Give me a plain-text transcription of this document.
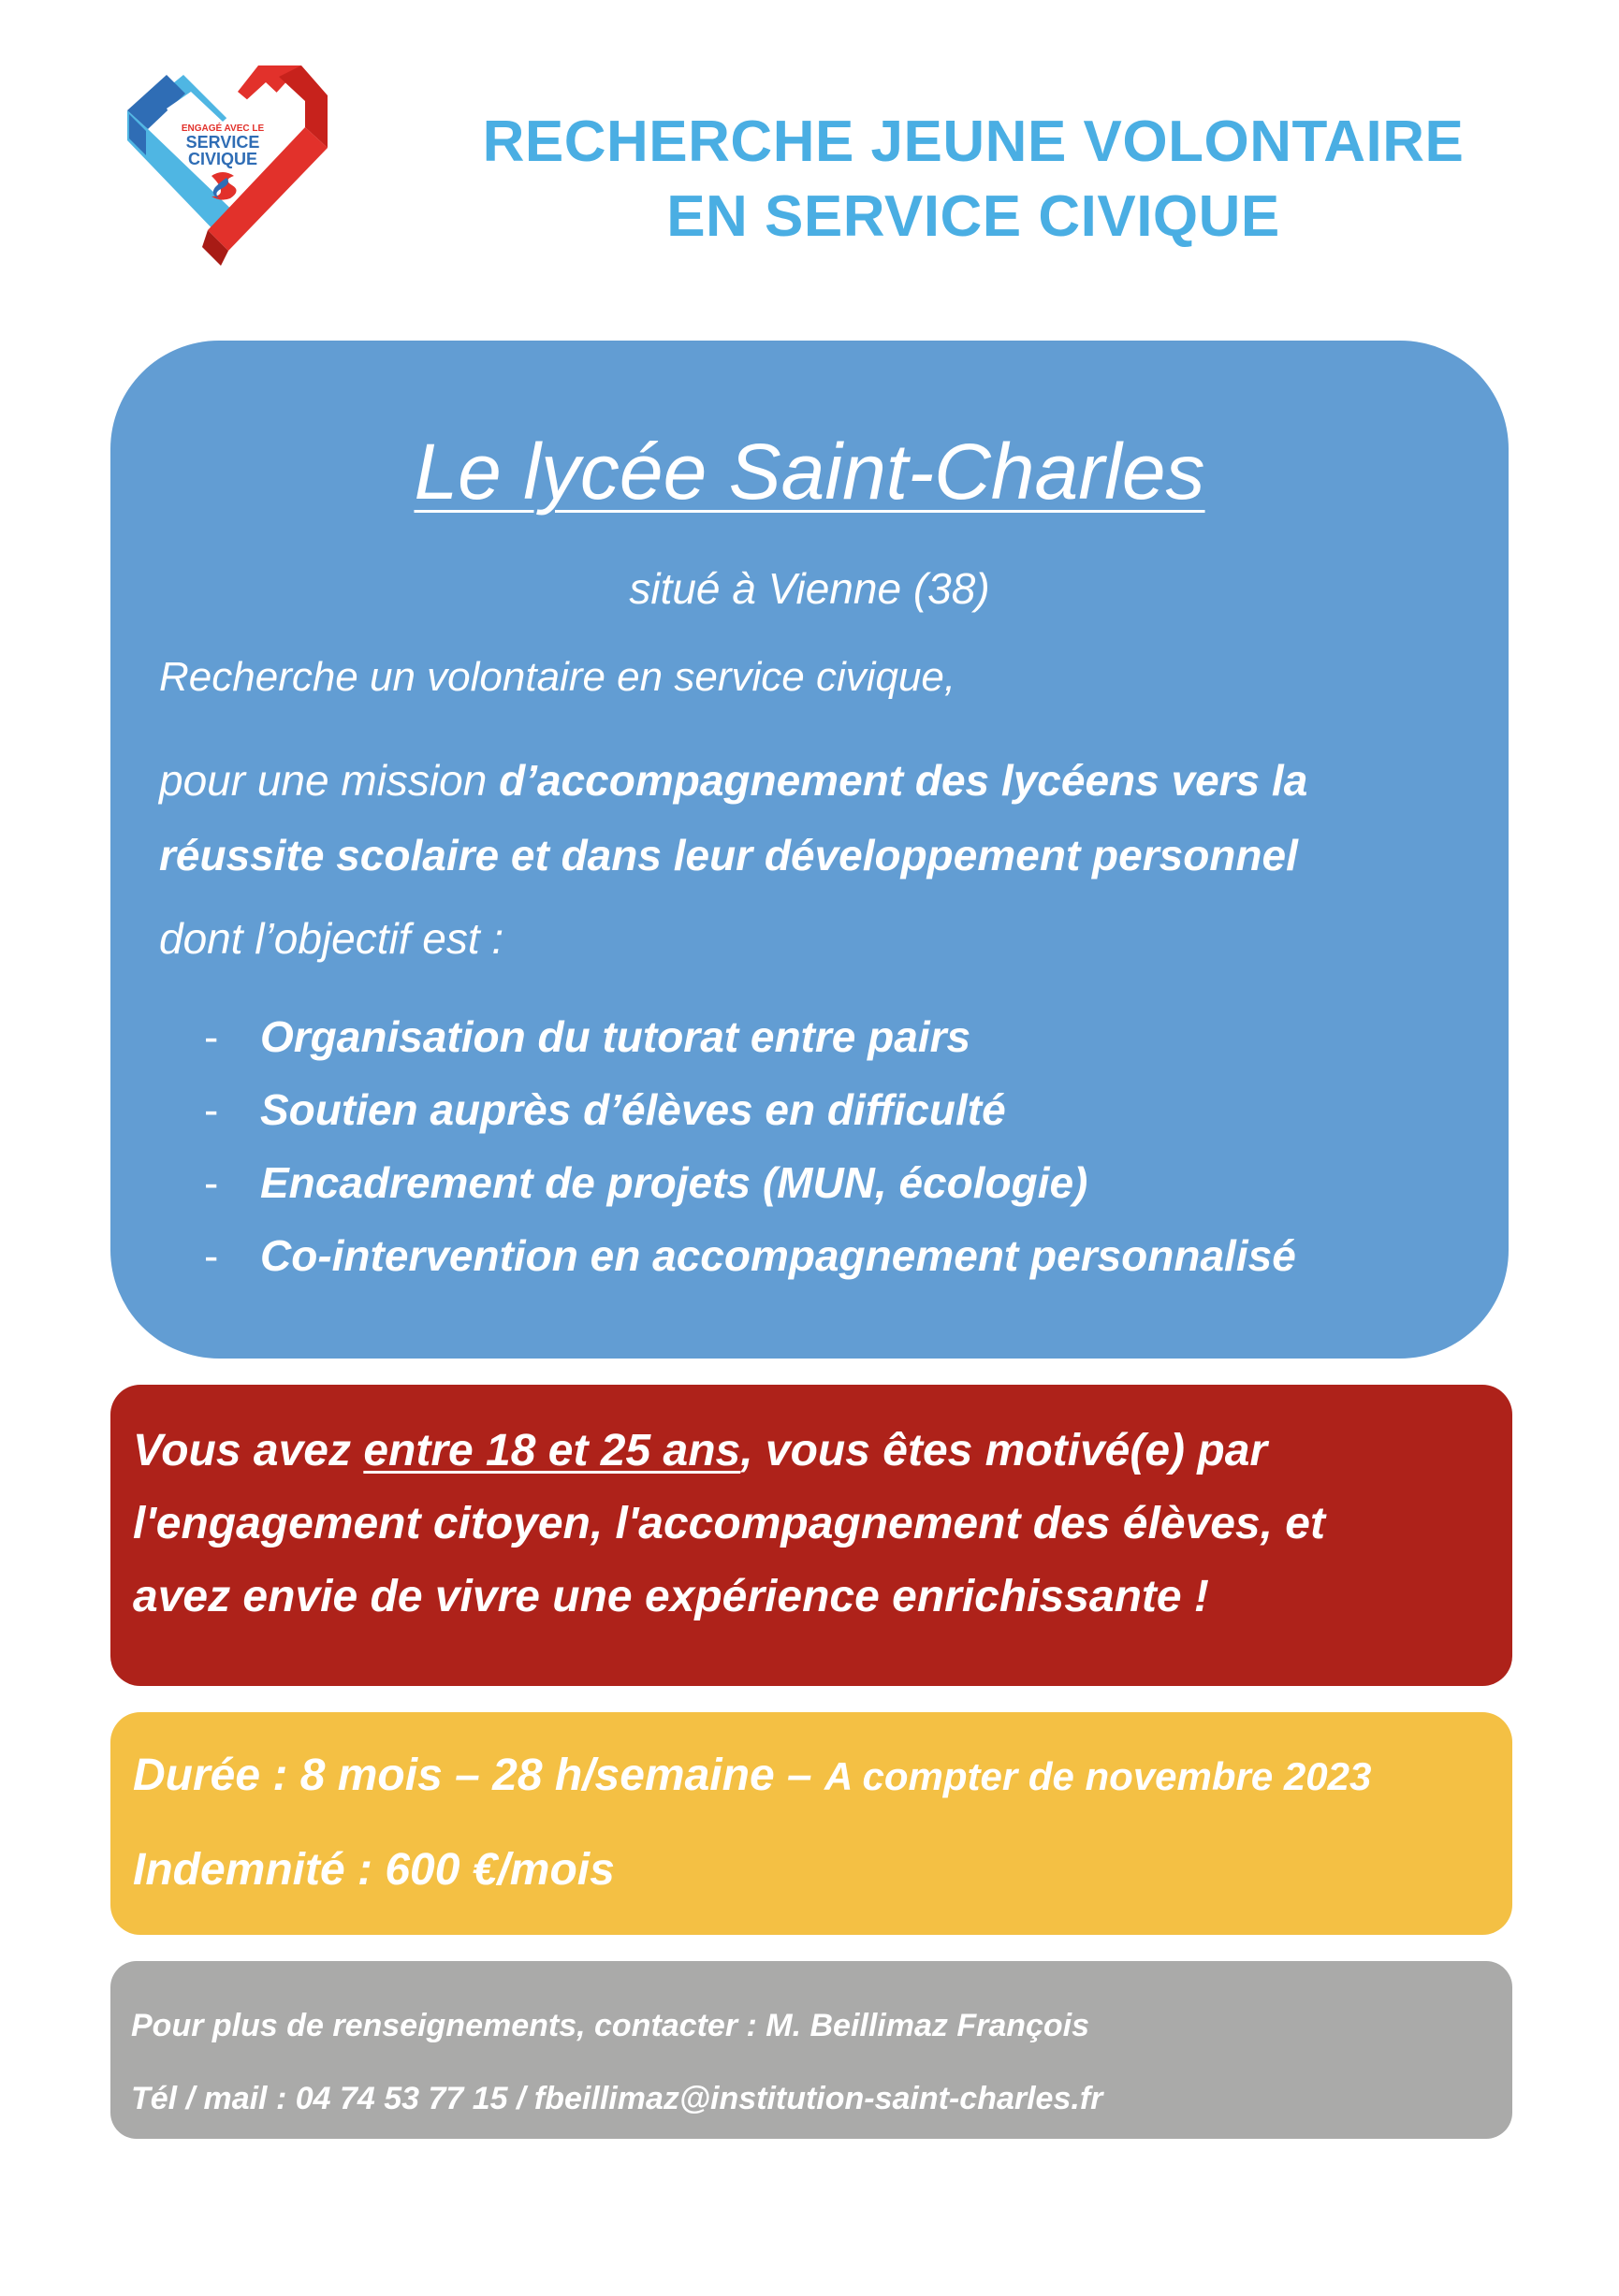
ENGAGÉ AVEC LE
SERVICE
CIVIQUE	RECHERCHE JEUNE VOLONTAIRE
EN SERVICE CIVIQUE
Le lycée Saint-Charles
situé à Vienne (38)
Recherche un volontaire en service civique,
pour une mission d’accompagnement des lycéens vers la
réussite scolaire et dans leur développement personnel
dont l’objectif est :
- Organisation du tutorat entre pairs
- Soutien auprès d’élèves en difficulté
- Encadrement de projets (MUN, écologie)
- Co-intervention en accompagnement personnalisé
Vous avez entre 18 et 25 ans, vous êtes motivé(e) par
l'engagement citoyen, l'accompagnement des élèves, et
avez envie de vivre une expérience enrichissante !
Durée : 8 mois – 28 h/semaine – A compter de novembre 2023
Indemnité : 600 €/mois
Pour plus de renseignements, contacter : M. Beillimaz François
Tél / mail : 04 74 53 77 15 / fbeillimaz@institution-saint-charles.fr
